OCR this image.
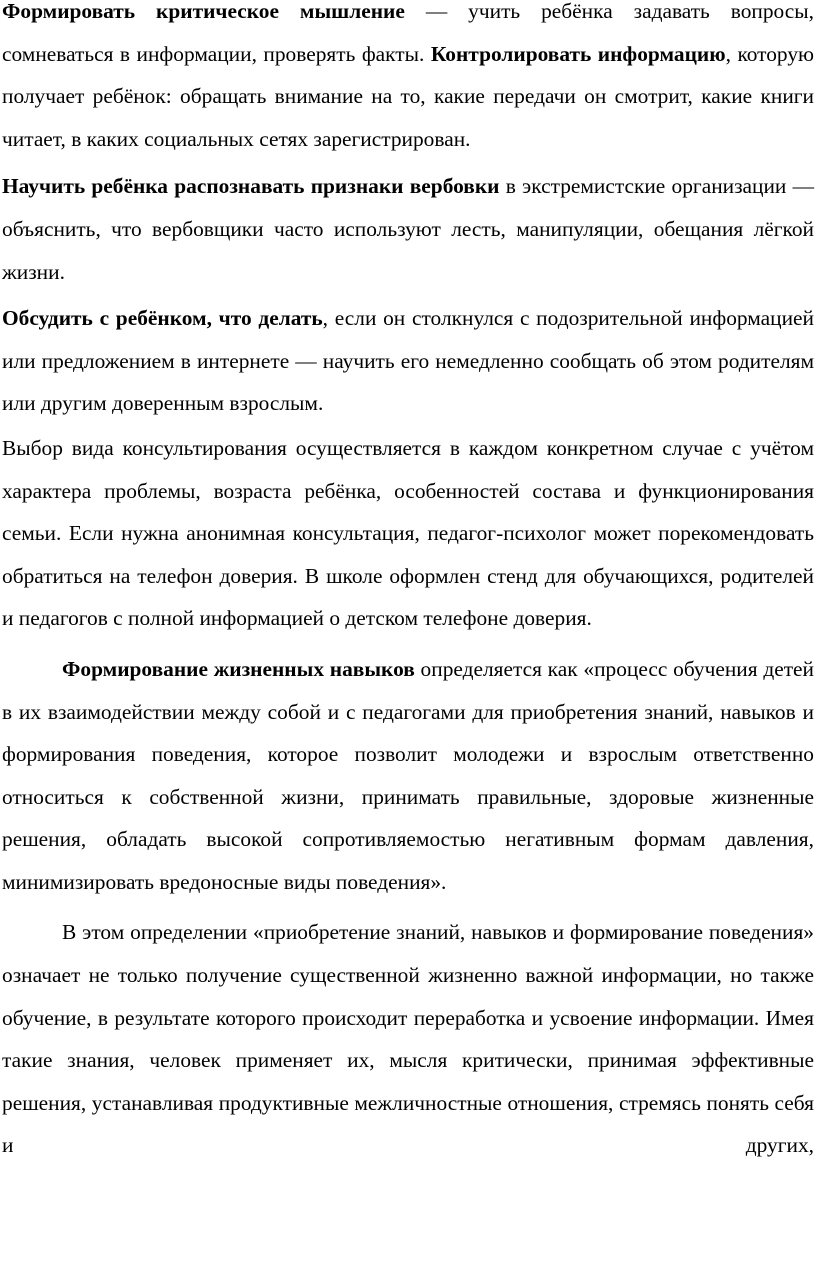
Формировать критическое мышление — учить ребёнка задавать вопросы, сомневаться в информации, проверять факты. Контролировать информацию, которую получает ребёнок: обращать внимание на то, какие передачи он смотрит, какие книги читает, в каких социальных сетях зарегистрирован.

Научить ребёнка распознавать признаки вербовки в экстремистские организации — объяснить, что вербовщики часто используют лесть, манипуляции, обещания лёгкой жизни.

Обсудить с ребёнком, что делать, если он столкнулся с подозрительной информацией или предложением в интернете — научить его немедленно сообщать об этом родителям или другим доверенным взрослым.

Выбор вида консультирования осуществляется в каждом конкретном случае с учётом характера проблемы, возраста ребёнка, особенностей состава и функционирования семьи. Если нужна анонимная консультация, педагог-психолог может порекомендовать обратиться на телефон доверия. В школе оформлен стенд для обучающихся, родителей и педагогов с полной информацией о детском телефоне доверия.

Формирование жизненных навыков определяется как «процесс обучения детей в их взаимодействии между собой и с педагогами для приобретения знаний, навыков и формирования поведения, которое позволит молодежи и взрослым ответственно относиться к собственной жизни, принимать правильные, здоровые жизненные решения, обладать высокой сопротивляемостью негативным формам давления, минимизировать вредоносные виды поведения».

В этом определении «приобретение знаний, навыков и формирование поведения» означает не только получение существенной жизненно важной информации, но также обучение, в результате которого происходит переработка и усвоение информации. Имея такие знания, человек применяет их, мысля критически, принимая эффективные решения, устанавливая продуктивные межличностные отношения, стремясь понять себя и других,
